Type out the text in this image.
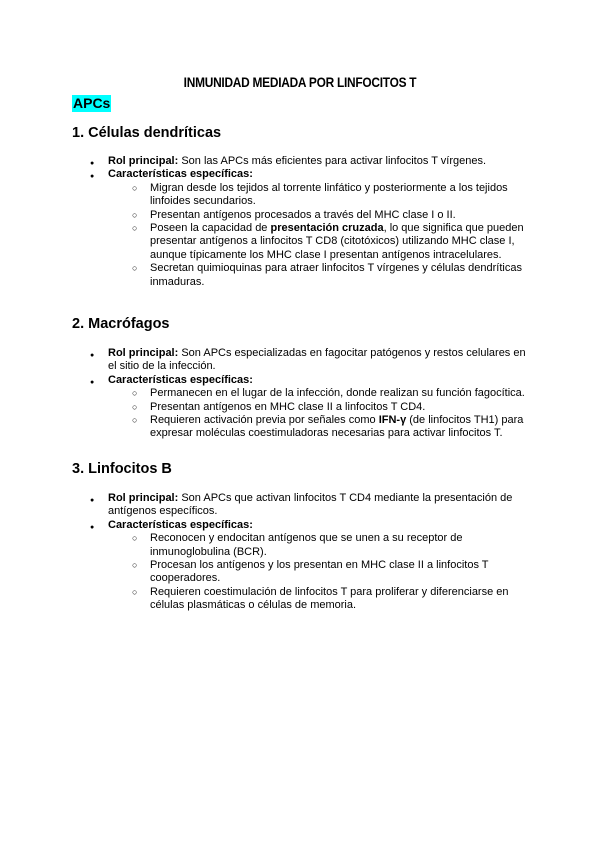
INMUNIDAD MEDIADA POR LINFOCITOS T
APCs
1. Células dendríticas
● Rol principal: Son las APCs más eficientes para activar linfocitos T vírgenes.
● Características específicas:
○ Migran desde los tejidos al torrente linfático y posteriormente a los tejidos linfoides secundarios.
○ Presentan antígenos procesados a través del MHC clase I o II.
○ Poseen la capacidad de presentación cruzada, lo que significa que pueden presentar antígenos a linfocitos T CD8 (citotóxicos) utilizando MHC clase I, aunque típicamente los MHC clase I presentan antígenos intracelulares.
○ Secretan quimioquinas para atraer linfocitos T vírgenes y células dendríticas inmaduras.
2. Macrófagos
● Rol principal: Son APCs especializadas en fagocitar patógenos y restos celulares en el sitio de la infección.
● Características específicas:
○ Permanecen en el lugar de la infección, donde realizan su función fagocítica.
○ Presentan antígenos en MHC clase II a linfocitos T CD4.
○ Requieren activación previa por señales como IFN-γ (de linfocitos TH1) para expresar moléculas coestimuladoras necesarias para activar linfocitos T.
3. Linfocitos B
● Rol principal: Son APCs que activan linfocitos T CD4 mediante la presentación de antígenos específicos.
● Características específicas:
○ Reconocen y endocitan antígenos que se unen a su receptor de inmunoglobulina (BCR).
○ Procesan los antígenos y los presentan en MHC clase II a linfocitos T cooperadores.
○ Requieren coestimulación de linfocitos T para proliferar y diferenciarse en células plasmáticas o células de memoria.
